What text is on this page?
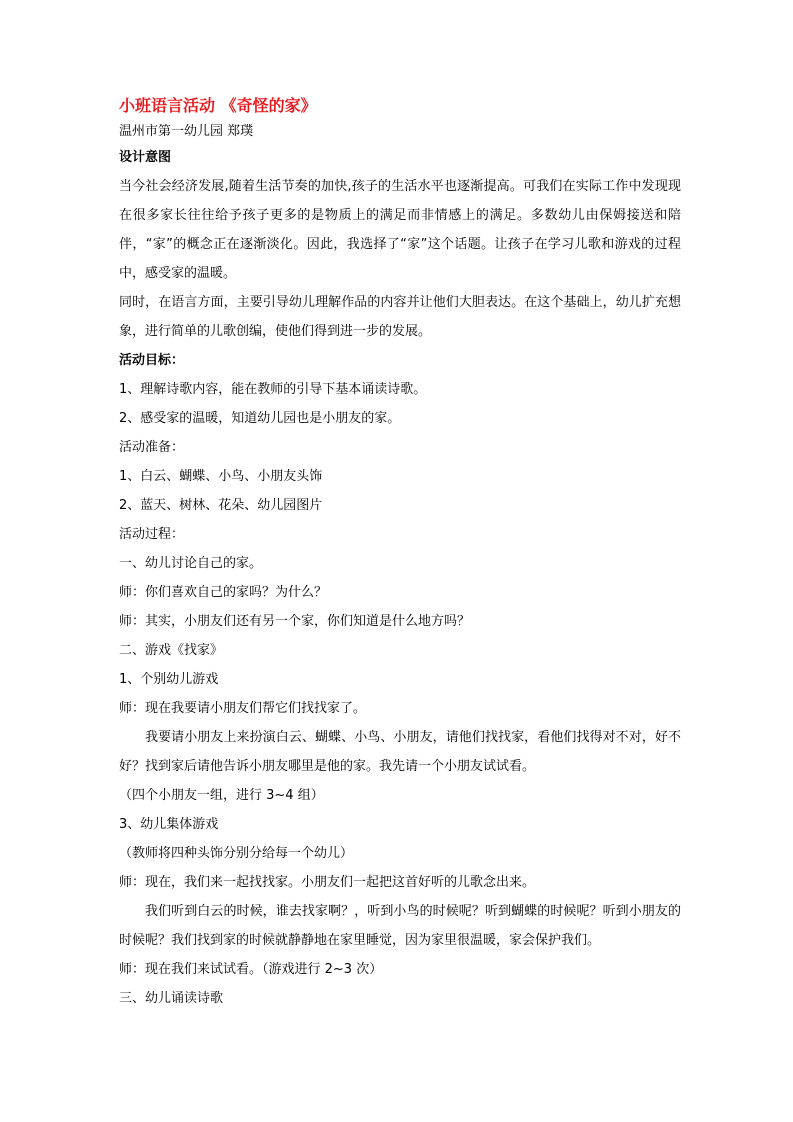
小班语言活动 《奇怪的家》
温州市第一幼儿园 郑璞
设计意图

当今社会经济发展,随着生活节奏的加快,孩子的生活水平也逐渐提高。可我们在实际工作中发现现在很多家长往往给予孩子更多的是物质上的满足而非情感上的满足。多数幼儿由保姆接送和陪伴，“家”的概念正在逐渐淡化。因此，我选择了“家”这个话题。让孩子在学习儿歌和游戏的过程中，感受家的温暖。

同时，在语言方面，主要引导幼儿理解作品的内容并让他们大胆表达。在这个基础上，幼儿扩充想象，进行简单的儿歌创编，使他们得到进一步的发展。

活动目标：
1、理解诗歌内容，能在教师的引导下基本诵读诗歌。
2、感受家的温暖，知道幼儿园也是小朋友的家。
活动准备：
1、白云、蝴蝶、小鸟、小朋友头饰
2、蓝天、树林、花朵、幼儿园图片
活动过程：
一、幼儿讨论自己的家。
师：你们喜欢自己的家吗？为什么？
师：其实，小朋友们还有另一个家，你们知道是什么地方吗？
二、游戏《找家》
1、个别幼儿游戏
师：现在我要请小朋友们帮它们找找家了。

我要请小朋友上来扮演白云、蝴蝶、小鸟、小朋友，请他们找找家，看他们找得对不对，好不好？找到家后请他告诉小朋友哪里是他的家。我先请一个小朋友试试看。

（四个小朋友一组，进行 3~4 组）
3、幼儿集体游戏
（教师将四种头饰分别分给每一个幼儿）
师：现在，我们来一起找找家。小朋友们一起把这首好听的儿歌念出来。

我们听到白云的时候，谁去找家啊？，听到小鸟的时候呢？听到蝴蝶的时候呢？听到小朋友的时候呢？我们找到家的时候就静静地在家里睡觉，因为家里很温暖，家会保护我们。

师：现在我们来试试看。（游戏进行 2~3 次）
三、幼儿诵读诗歌
